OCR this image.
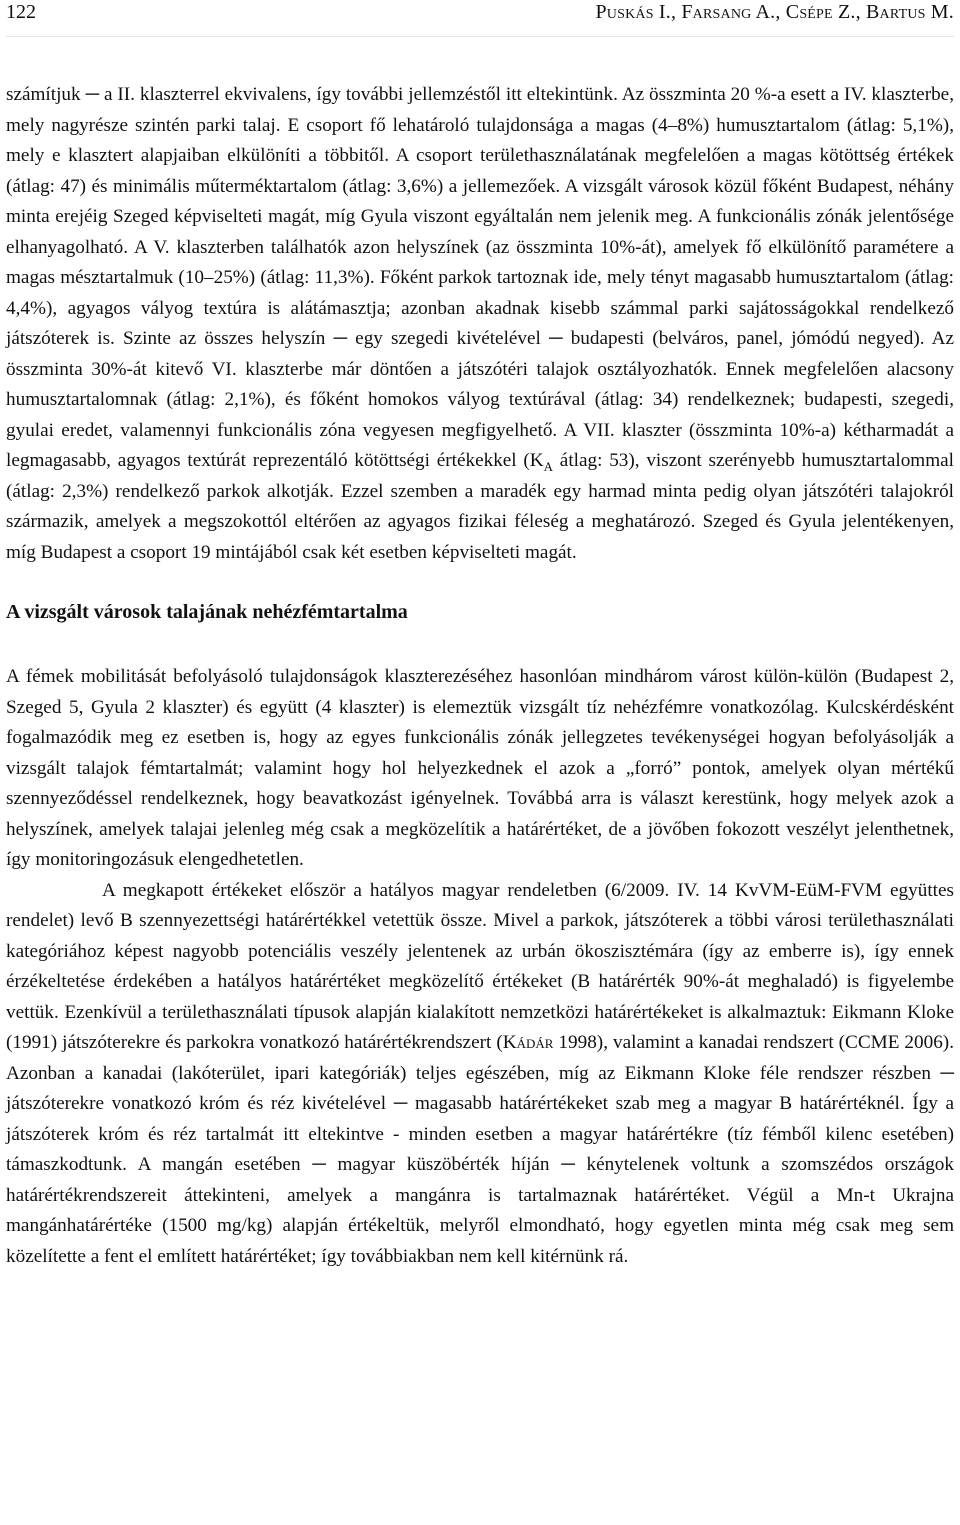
122	Puskás I., Farsang A., Csépe Z., Bartus M.

számítjuk ─ a II. klaszterrel ekvivalens, így további jellemzéstől itt eltekintünk. Az összminta 20 %-a esett a IV. klaszterbe, mely nagyrésze szintén parki talaj. E csoport fő lehatároló tulajdonsága a magas (4–8%) humusztartalom (átlag: 5,1%), mely e klasztert alapjaiban elkülöníti a többitől. A csoport területhasználatának megfelelően a magas kötöttség értékek (átlag: 47) és minimális műterméktartalom (átlag: 3,6%) a jellemezőek. A vizsgált városok közül főként Budapest, néhány minta erejéig Szeged képviselteti magát, míg Gyula viszont egyáltalán nem jelenik meg. A funkcionális zónák jelentősége elhanyagolható. A V. klaszterben találhatók azon helyszínek (az összminta 10%-át), amelyek fő elkülönítő paramétere a magas mésztartalmuk (10–25%) (átlag: 11,3%). Főként parkok tartoznak ide, mely tényt magasabb humusztartalom (átlag: 4,4%), agyagos vályog textúra is alátámasztja; azonban akadnak kisebb számmal parki sajátosságokkal rendelkező játszóterek is. Szinte az összes helyszín ─ egy szegedi kivételével ─ budapesti (belváros, panel, jómódú negyed). Az összminta 30%-át kitevő VI. klaszterbe már döntően a játszótéri talajok osztályozhatók. Ennek megfelelően alacsony humusztartalomnak (átlag: 2,1%), és főként homokos vályog textúrával (átlag: 34) rendelkeznek; budapesti, szegedi, gyulai eredet, valamennyi funkcionális zóna vegyesen megfigyelhető. A VII. klaszter (összminta 10%-a) kétharmadát a legmagasabb, agyagos textúrát reprezentáló kötöttségi értékekkel ($K_A$ átlag: 53), viszont szerényebb humusztartalommal (átlag: 2,3%) rendelkező parkok alkotják. Ezzel szemben a maradék egy harmad minta pedig olyan játszótéri talajokról származik, amelyek a megszokottól eltérően az agyagos fizikai féleség a meghatározó. Szeged és Gyula jelentékenyen, míg Budapest a csoport 19 mintájából csak két esetben képviselteti magát.

A vizsgált városok talajának nehézfémtartalma

A fémek mobilitását befolyásoló tulajdonságok klaszterezéséhez hasonlóan mindhárom várost külön-külön (Budapest 2, Szeged 5, Gyula 2 klaszter) és együtt (4 klaszter) is elemeztük vizsgált tíz nehézfémre vonatkozólag. Kulcskérdésként fogalmazódik meg ez esetben is, hogy az egyes funkcionális zónák jellegzetes tevékenységei hogyan befolyásolják a vizsgált talajok fémtartalmát; valamint hogy hol helyezkednek el azok a „forró” pontok, amelyek olyan mértékű szennyeződéssel rendelkeznek, hogy beavatkozást igényelnek. Továbbá arra is választ kerestünk, hogy melyek azok a helyszínek, amelyek talajai jelenleg még csak a megközelítik a határértéket, de a jövőben fokozott veszélyt jelenthetnek, így monitoringozásuk elengedhetetlen.

A megkapott értékeket először a hatályos magyar rendeletben (6/2009. IV. 14 KvVM-EüM-FVM együttes rendelet) levő B szennyezettségi határértékkel vetettük össze. Mivel a parkok, játszóterek a többi városi területhasználati kategóriához képest nagyobb potenciális veszély jelentenek az urbán ökoszisztémára (így az emberre is), így ennek érzékeltetése érdekében a hatályos határértéket megközelítő értékeket (B határérték 90%-át meghaladó) is figyelembe vettük. Ezenkívül a területhasználati típusok alapján kialakított nemzetközi határértékeket is alkalmaztuk: Eikmann Kloke (1991) játszóterekre és parkokra vonatkozó határértékrendszert (Kádár 1998), valamint a kanadai rendszert (CCME 2006). Azonban a kanadai (lakóterület, ipari kategóriák) teljes egészében, míg az Eikmann Kloke féle rendszer részben ─ játszóterekre vonatkozó króm és réz kivételével ─ magasabb határértékeket szab meg a magyar B határértéknél. Így a játszóterek króm és réz tartalmát itt eltekintve - minden esetben a magyar határértékre (tíz fémből kilenc esetében) támaszkodtunk. A mangán esetében ─ magyar küszöbérték híján ─ kénytelenek voltunk a szomszédos országok határértékrendszereit áttekinteni, amelyek a mangánra is tartalmaznak határértéket. Végül a Mn-t Ukrajna mangánhatárértéke (1500 mg/kg) alapján értékeltük, melyről elmondható, hogy egyetlen minta még csak meg sem közelítette a fent el említett határértéket; így továbbiakban nem kell kitérnünk rá.
